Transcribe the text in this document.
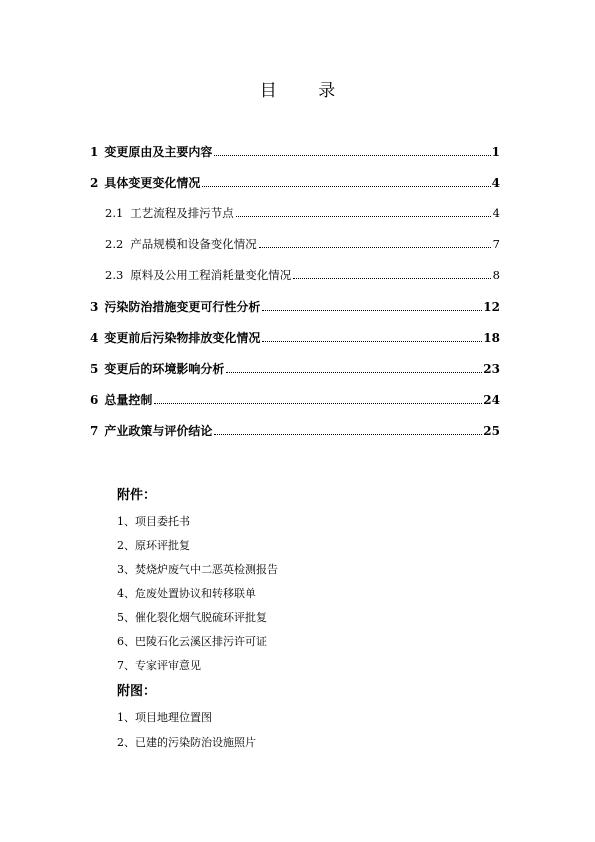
目 录
1 变更原由及主要内容	1
2 具体变更变化情况	4
2.1 工艺流程及排污节点	4
2.2 产品规模和设备变化情况	7
2.3 原料及公用工程消耗量变化情况	8
3 污染防治措施变更可行性分析	12
4 变更前后污染物排放变化情况	18
5 变更后的环境影响分析	23
6 总量控制	24
7 产业政策与评价结论	25
附件：
1、项目委托书
2、原环评批复
3、焚烧炉废气中二恶英检测报告
4、危废处置协议和转移联单
5、催化裂化烟气脱硫环评批复
6、巴陵石化云溪区排污许可证
7、专家评审意见
附图：
1、项目地理位置图
2、已建的污染防治设施照片
